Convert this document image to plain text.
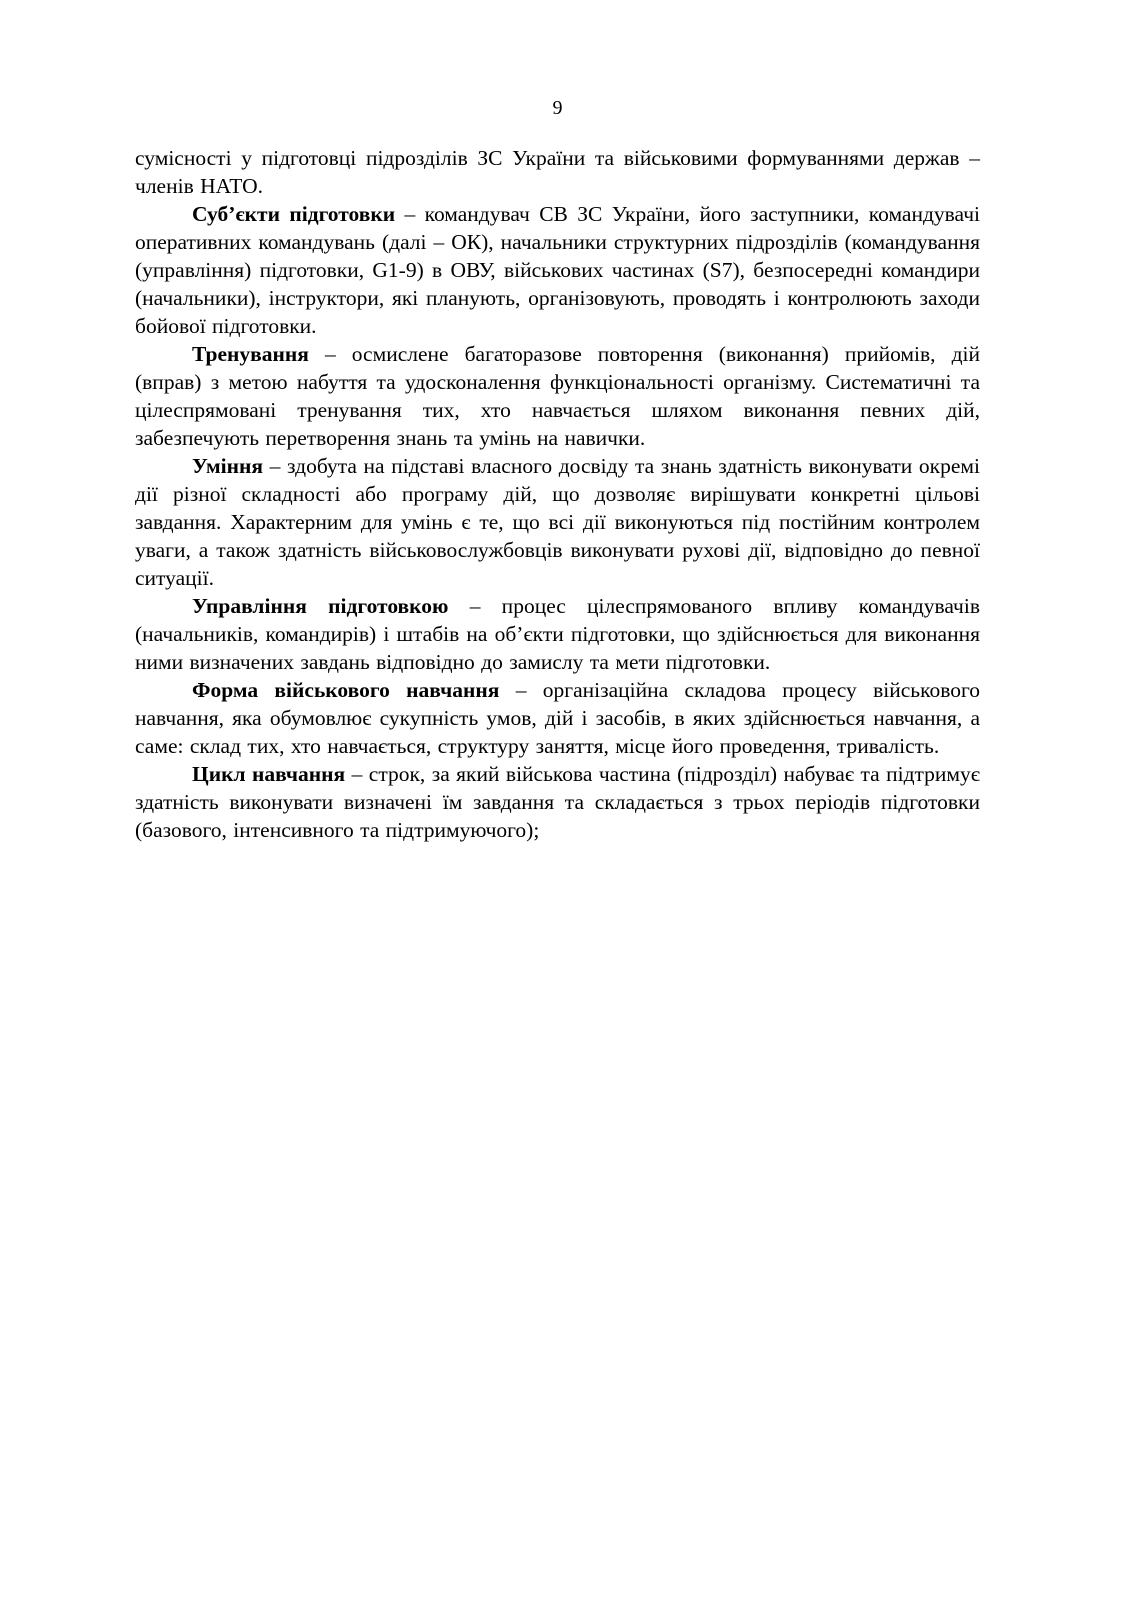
9

сумісності у підготовці підрозділів ЗС України та військовими формуваннями держав – членів НАТО.

Суб’єкти підготовки – командувач СВ ЗС України, його заступники, командувачі оперативних командувань (далі – ОК), начальники структурних підрозділів (командування (управління) підготовки, G1-9) в ОВУ, військових частинах (S7), безпосередні командири (начальники), інструктори, які планують, організовують, проводять і контролюють заходи бойової підготовки.

Тренування – осмислене багаторазове повторення (виконання) прийомів, дій (вправ) з метою набуття та удосконалення функціональності організму. Систематичні та цілеспрямовані тренування тих, хто навчається шляхом виконання певних дій, забезпечують перетворення знань та умінь на навички.

Уміння – здобута на підставі власного досвіду та знань здатність виконувати окремі дії різної складності або програму дій, що дозволяє вирішувати конкретні цільові завдання. Характерним для умінь є те, що всі дії виконуються під постійним контролем уваги, а також здатність військовослужбовців виконувати рухові дії, відповідно до певної ситуації.

Управління підготовкою – процес цілеспрямованого впливу командувачів (начальників, командирів) і штабів на об’єкти підготовки, що здійснюється для виконання ними визначених завдань відповідно до замислу та мети підготовки.

Форма військового навчання – організаційна складова процесу військового навчання, яка обумовлює сукупність умов, дій і засобів, в яких здійснюється навчання, а саме: склад тих, хто навчається, структуру заняття, місце його проведення, тривалість.

Цикл навчання – строк, за який військова частина (підрозділ) набуває та підтримує здатність виконувати визначені їм завдання та складається з трьох періодів підготовки (базового, інтенсивного та підтримуючого);
